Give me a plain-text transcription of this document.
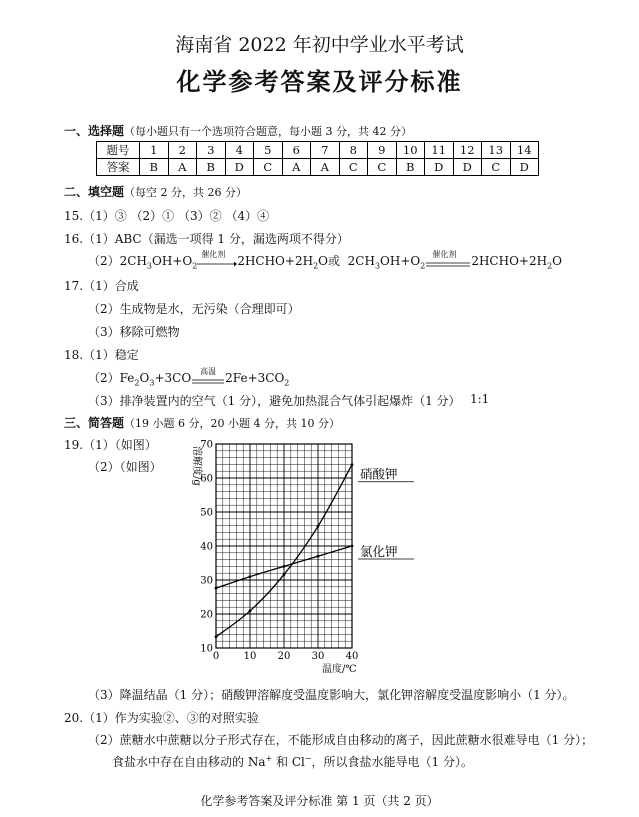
海南省 2022 年初中学业水平考试
化学参考答案及评分标准
一、选择题（每小题只有一个选项符合题意，每小题 3 分，共 42 分）
题号	1	2	3	4	5	6	7	8	9	10	11	12	13	14
答案	B	A	B	D	C	A	A	C	C	B	D	D	C	D
二、填空题（每空 2 分，共 26 分）
15.（1）③ （2）① （3）② （4）④
16.（1）ABC（漏选一项得 1 分，漏选两项不得分）
$(2)2CH_3OH+O_2$
催化剂 $2HCHO+2H_2O$或 $2CH_3OH+O_2$
催化剂 $2HCHO+2H_2O$
17.（1）合成
（2）生成物是水，无污染（合理即可）
（3）移除可燃物
18.（1）稳定
$(2)Fe_2O_3+3CO$ 高温 $2Fe+3CO_2$
（3）排净装置内的空气（1 分），避免加热混合气体引起爆炸（1 分） 1:1
三、简答题（19 小题 6 分，20 小题 4 分，共 10 分）
19.（1）（如图）
（2）（如图）
0 10 20 30 40
10
20
30
40
50
60
70
溶解度/g
温度/℃
硝酸钾
氯化钾
（3）降温结晶（1 分）；硝酸钾溶解度受温度影响大，氯化钾溶解度受温度影响小（1 分）。
20.（1）作为实验②、③的对照实验
（2）蔗糖水中蔗糖以分子形式存在，不能形成自由移动的离子，因此蔗糖水很难导电（1 分）；
食盐水中存在自由移动的 Na+ 和 Cl−，所以食盐水能导电（1 分）。
化学参考答案及评分标准 第 1 页（共 2 页）
